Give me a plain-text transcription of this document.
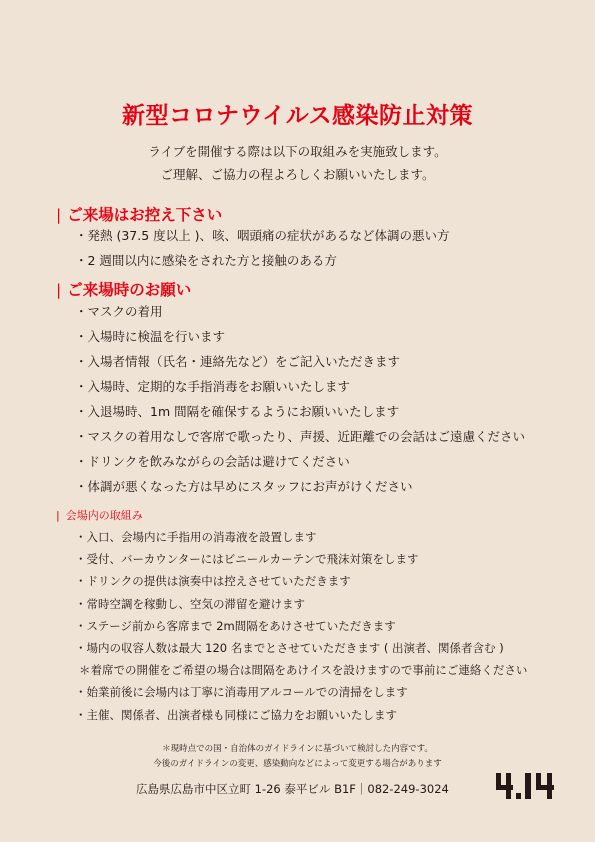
新型コロナウイルス感染防止対策
ライブを開催する際は以下の取組みを実施致します。
ご理解、ご協力の程よろしくお願いいたします。
| ご来場はお控え下さい
・発熱 (37.5 度以上 )、咳、咽頭痛の症状があるなど体調の悪い方
・2 週間以内に感染をされた方と接触のある方
| ご来場時のお願い
・マスクの着用
・入場時に検温を行います
・入場者情報（氏名・連絡先など）をご記入いただきます
・入場時、定期的な手指消毒をお願いいたします
・入退場時、1m 間隔を確保するようにお願いいたします
・マスクの着用なしで客席で歌ったり、声援、近距離での会話はご遠慮ください
・ドリンクを飲みながらの会話は避けてください
・体調が悪くなった方は早めにスタッフにお声がけください
| 会場内の取組み
・入口、会場内に手指用の消毒液を設置します
・受付、バーカウンターにはビニールカーテンで飛沫対策をします
・ドリンクの提供は演奏中は控えさせていただきます
・常時空調を稼動し、空気の滞留を避けます
・ステージ前から客席まで 2m間隔をあけさせていただきます
・場内の収容人数は最大 120 名までとさせていただきます ( 出演者、関係者含む )
＊着席での開催をご希望の場合は間隔をあけイスを設けますので事前にご連絡ください
・始業前後に会場内は丁寧に消毒用アルコールでの清掃をします
・主催、関係者、出演者様も同様にご協力をお願いいたします
＊現時点での国・自治体のガイドラインに基づいて検討した内容です。
今後のガイドラインの変更、感染動向などによって変更する場合があります
広島県広島市中区立町 1-26 泰平ビル B1F｜082-249-3024
